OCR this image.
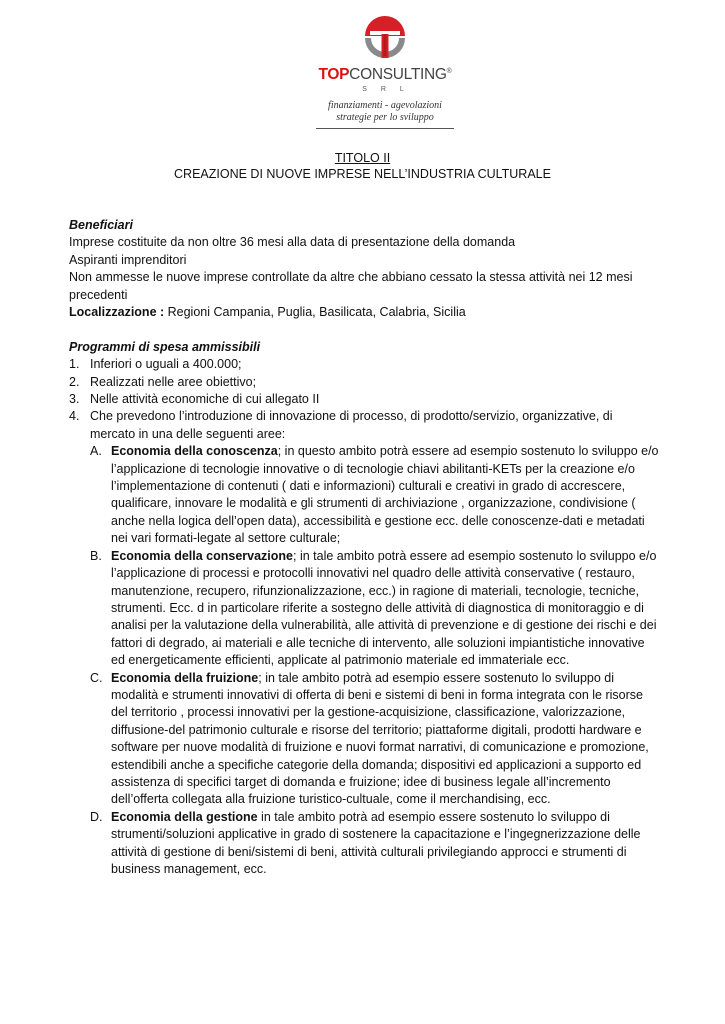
TOPCONSULTING®
SRL
finanziamenti - agevolazioni
strategie per lo sviluppo
TITOLO II
CREAZIONE DI NUOVE IMPRESE NELL’INDUSTRIA CULTURALE
Beneficiari
Imprese costituite da non oltre 36 mesi alla data di presentazione della domanda
Aspiranti imprenditori
Non ammesse le nuove imprese controllate da altre che abbiano cessato la stessa attività nei 12 mesi precedenti
Localizzazione : Regioni Campania, Puglia, Basilicata, Calabria, Sicilia
Programmi di spesa ammissibili
1. Inferiori o uguali a 400.000;
2. Realizzati nelle aree obiettivo;
3. Nelle attività economiche di cui allegato II
4. Che prevedono l’introduzione di innovazione di processo, di prodotto/servizio, organizzative, di mercato in una delle seguenti aree:
A. Economia della conoscenza; in questo ambito potrà essere ad esempio sostenuto lo sviluppo e/o l’applicazione di tecnologie innovative o di tecnologie chiavi abilitanti-KETs per la creazione e/o l’implementazione di contenuti ( dati e informazioni) culturali e creativi in grado di accrescere, qualificare, innovare le modalità e gli strumenti di archiviazione , organizzazione, condivisione ( anche nella logica dell’open data), accessibilità e gestione ecc. delle conoscenze-dati e metadati nei vari formati-legate al settore culturale;
B. Economia della conservazione; in tale ambito potrà essere ad esempio sostenuto lo sviluppo e/o l’applicazione di processi e protocolli innovativi nel quadro delle attività conservative ( restauro, manutenzione, recupero, rifunzionalizzazione, ecc.) in ragione di materiali, tecnologie, tecniche, strumenti. Ecc. d in particolare riferite a sostegno delle attività di diagnostica di monitoraggio e di analisi per la valutazione della vulnerabilità, alle attività di prevenzione e di gestione dei rischi e dei fattori di degrado, ai materiali e alle tecniche di intervento, alle soluzioni impiantistiche innovative ed energeticamente efficienti, applicate al patrimonio materiale ed immateriale ecc.
C. Economia della fruizione; in tale ambito potrà ad esempio essere sostenuto lo sviluppo di modalità e strumenti innovativi di offerta di beni e sistemi di beni in forma integrata con le risorse del territorio , processi innovativi per la gestione-acquisizione, classificazione, valorizzazione, diffusione-del patrimonio culturale e risorse del territorio; piattaforme digitali, prodotti hardware e software per nuove modalità di fruizione e nuovi format narrativi, di comunicazione e promozione, estendibili anche a specifiche categorie della domanda; dispositivi ed applicazioni a supporto ed assistenza di specifici target di domanda e fruizione; idee di business legale all’incremento dell’offerta collegata alla fruizione turistico-cultuale, come il merchandising, ecc.
D. Economia della gestione in tale ambito potrà ad esempio essere sostenuto lo sviluppo di strumenti/soluzioni applicative in grado di sostenere la capacitazione e l’ingegnerizzazione delle attività di gestione di beni/sistemi di beni, attività culturali privilegiando approcci e strumenti di business management, ecc.
